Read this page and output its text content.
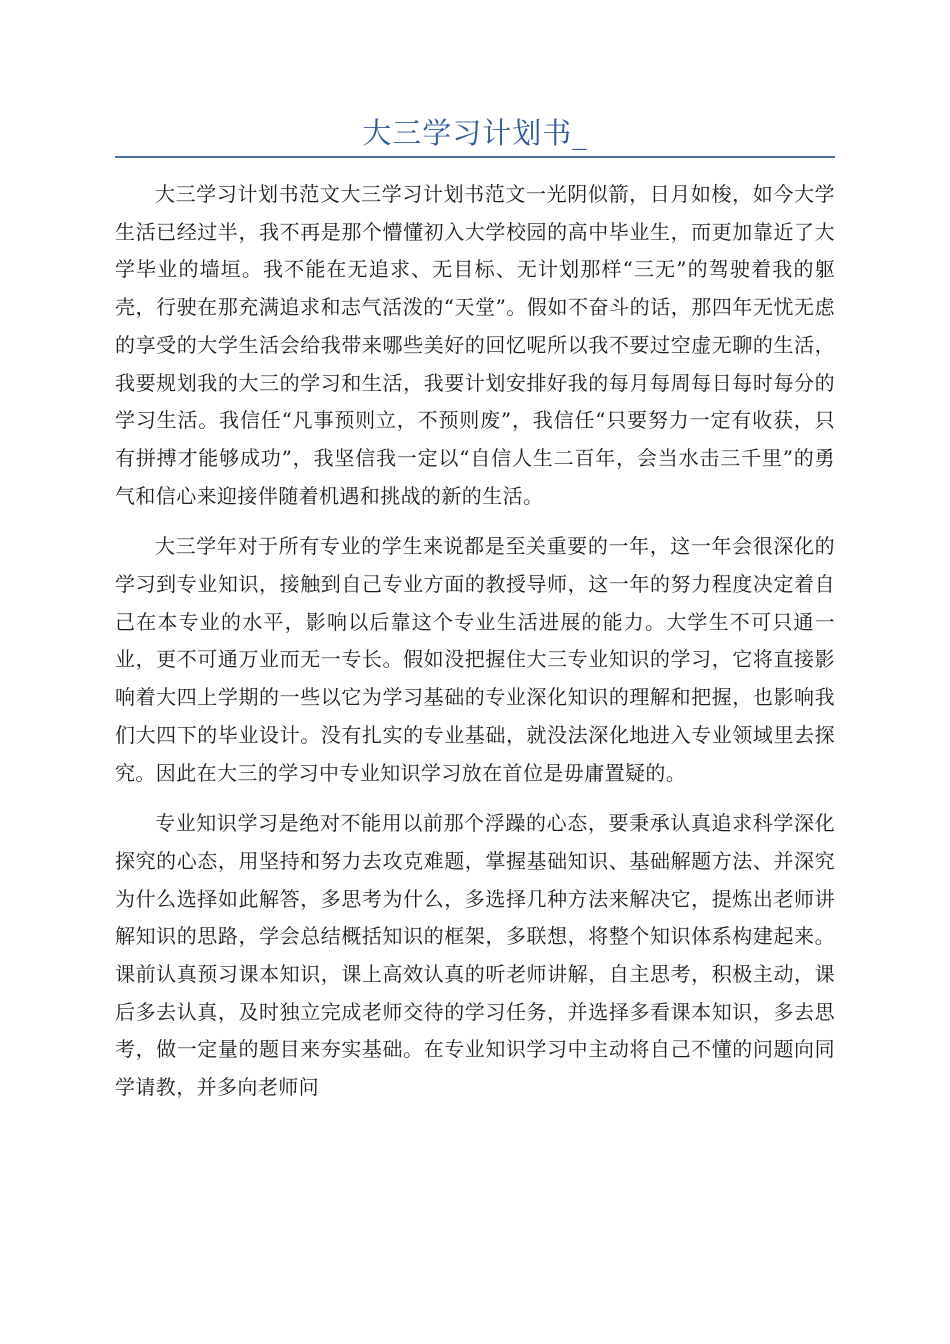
大三学习计划书_

大三学习计划书范文大三学习计划书范文一光阴似箭，日月如梭，如今大学生活已经过半，我不再是那个懵懂初入大学校园的高中毕业生，而更加靠近了大学毕业的墙垣。我不能在无追求、无目标、无计划那样“三无”的驾驶着我的躯壳，行驶在那充满追求和志气活泼的“天堂”。假如不奋斗的话，那四年无忧无虑的享受的大学生活会给我带来哪些美好的回忆呢所以我不要过空虚无聊的生活，我要规划我的大三的学习和生活，我要计划安排好我的每月每周每日每时每分的学习生活。我信任“凡事预则立，不预则废”，我信任“只要努力一定有收获，只有拼搏才能够成功”，我坚信我一定以“自信人生二百年，会当水击三千里”的勇气和信心来迎接伴随着机遇和挑战的新的生活。

大三学年对于所有专业的学生来说都是至关重要的一年，这一年会很深化的学习到专业知识，接触到自己专业方面的教授导师，这一年的努力程度决定着自己在本专业的水平，影响以后靠这个专业生活进展的能力。大学生不可只通一业，更不可通万业而无一专长。假如没把握住大三专业知识的学习，它将直接影响着大四上学期的一些以它为学习基础的专业深化知识的理解和把握，也影响我们大四下的毕业设计。没有扎实的专业基础，就没法深化地进入专业领域里去探究。因此在大三的学习中专业知识学习放在首位是毋庸置疑的。

专业知识学习是绝对不能用以前那个浮躁的心态，要秉承认真追求科学深化探究的心态，用坚持和努力去攻克难题，掌握基础知识、基础解题方法、并深究为什么选择如此解答，多思考为什么，多选择几种方法来解决它，提炼出老师讲解知识的思路，学会总结概括知识的框架，多联想，将整个知识体系构建起来。课前认真预习课本知识，课上高效认真的听老师讲解，自主思考，积极主动，课后多去认真，及时独立完成老师交待的学习任务，并选择多看课本知识，多去思考，做一定量的题目来夯实基础。在专业知识学习中主动将自己不懂的问题向同学请教，并多向老师问
